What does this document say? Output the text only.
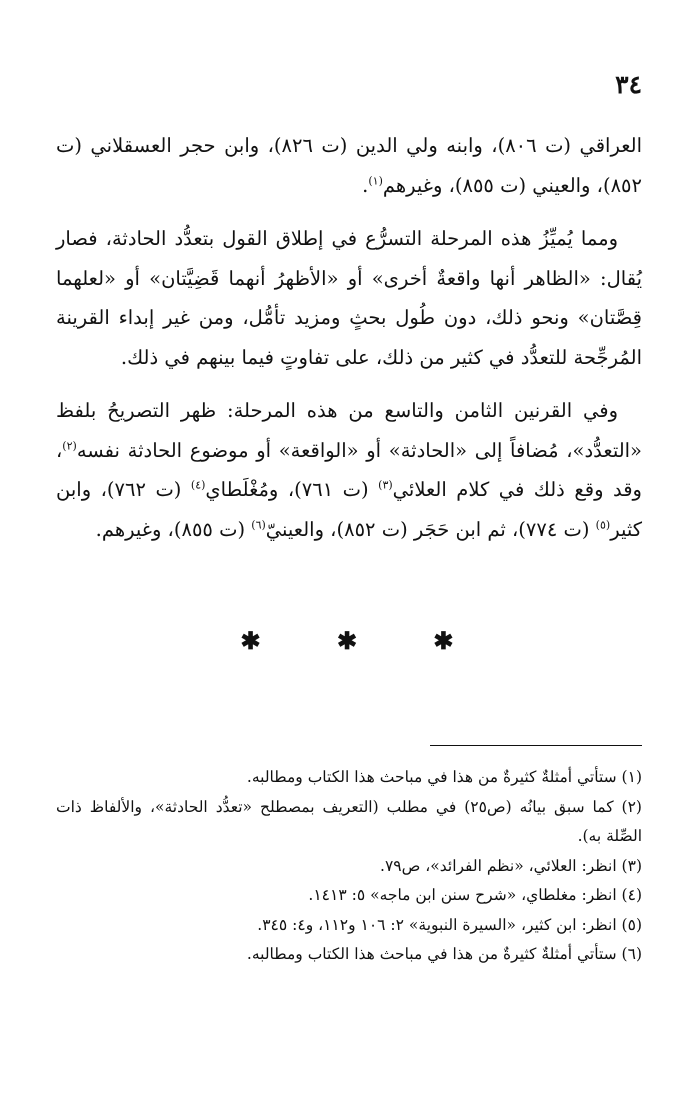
٣٤

العراقي (ت ٨٠٦)، وابنه ولي الدين (ت ٨٢٦)، وابن حجر العسقلاني (ت ٨٥٢)، والعيني (ت ٨٥٥)، وغيرهم$^{(١)}$.

ومما يُميِّزُ هذه المرحلة التسرُّع في إطلاق القول بتعدُّد الحادثة، فصار يُقال: «الظاهر أنها واقعةٌ أخرى» أو «الأظهرُ أنهما قَضِيَّتان» أو «لعلهما قِصَّتان» ونحو ذلك، دون طُول بحثٍ ومزيد تأمُّل، ومن غير إبداء القرينة المُرجِّحة للتعدُّد في كثير من ذلك، على تفاوتٍ فيما بينهم في ذلك.

وفي القرنين الثامن والتاسع من هذه المرحلة: ظهر التصريحُ بلفظ «التعدُّد»، مُضافاً إلى «الحادثة» أو «الواقعة» أو موضوع الحادثة نفسه$^{(٢)}$، وقد وقع ذلك في كلام العلائي$^{(٣)}$ (ت ٧٦١)، ومُغْلَطاي$^{(٤)}$ (ت ٧٦٢)، وابن كثير$^{(٥)}$ (ت ٧٧٤)، ثم ابن حَجَر (ت ٨٥٢)، والعينيّ$^{(٦)}$ (ت ٨٥٥)، وغيرهم.

✱	✱	✱

(١) ستأتي أمثلةٌ كثيرةٌ من هذا في مباحث هذا الكتاب ومطالبه.

(٢) كما سبق بيانُه (ص٢٥) في مطلب (التعريف بمصطلح «تعدُّد الحادثة»، والألفاظ ذات الصِّلة به).

(٣) انظر: العلائي، «نظم الفرائد»، ص٧٩.

(٤) انظر: مغلطاي، «شرح سنن ابن ماجه» ٥: ١٤١٣.

(٥) انظر: ابن كثير، «السيرة النبوية» ٢: ١٠٦ و١١٢، و٤: ٣٤٥.

(٦) ستأتي أمثلةٌ كثيرةٌ من هذا في مباحث هذا الكتاب ومطالبه.
